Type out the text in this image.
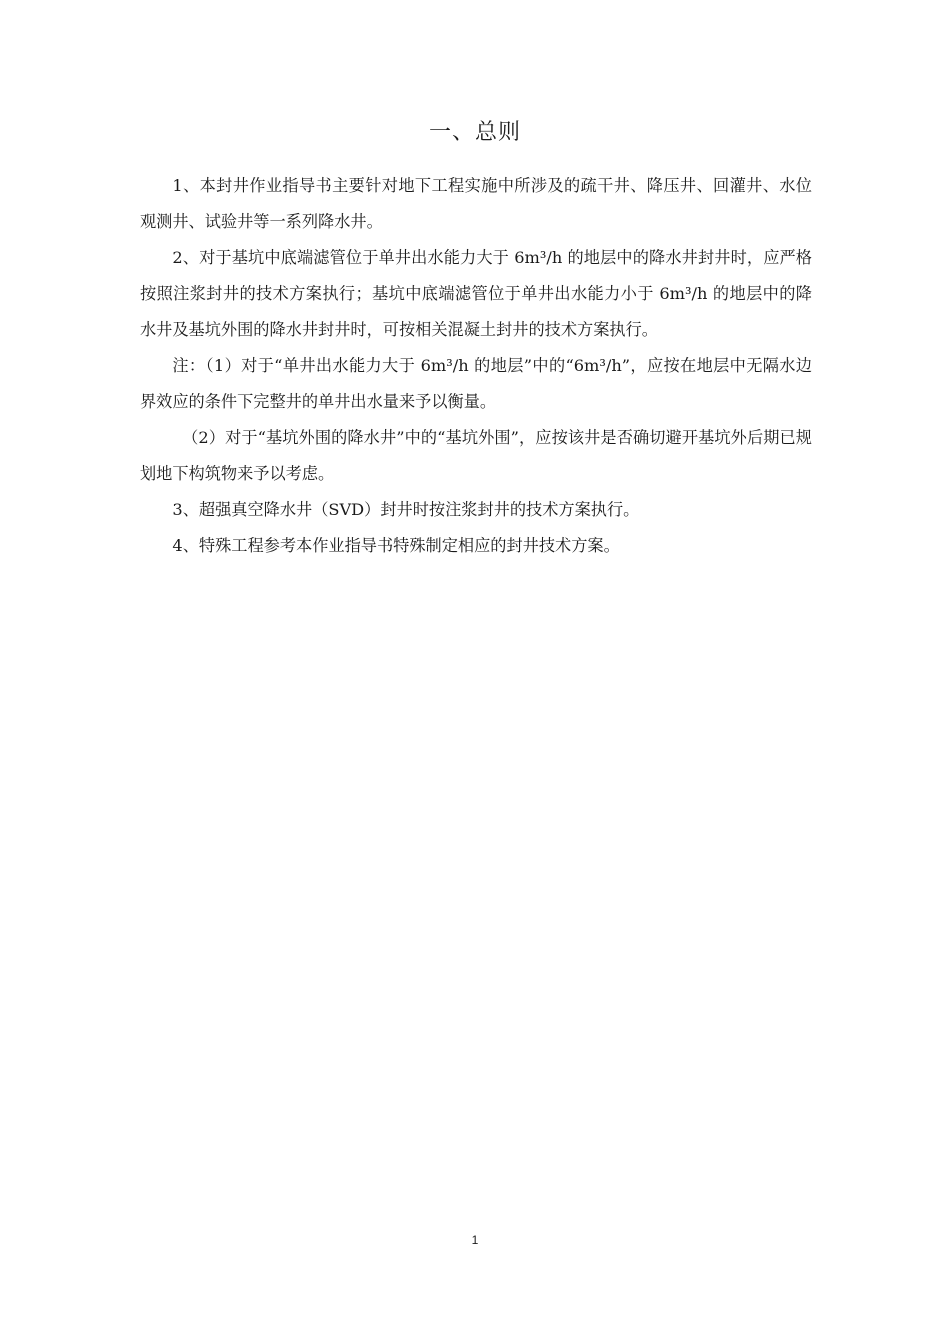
一、总则

1、本封井作业指导书主要针对地下工程实施中所涉及的疏干井、降压井、回灌井、水位观测井、试验井等一系列降水井。

2、对于基坑中底端滤管位于单井出水能力大于 6m³/h 的地层中的降水井封井时，应严格按照注浆封井的技术方案执行；基坑中底端滤管位于单井出水能力小于 6m³/h 的地层中的降水井及基坑外围的降水井封井时，可按相关混凝土封井的技术方案执行。

注：（1）对于“单井出水能力大于 6m³/h 的地层”中的“6m³/h”，应按在地层中无隔水边界效应的条件下完整井的单井出水量来予以衡量。

（2）对于“基坑外围的降水井”中的“基坑外围”，应按该井是否确切避开基坑外后期已规划地下构筑物来予以考虑。

3、超强真空降水井（SVD）封井时按注浆封井的技术方案执行。

4、特殊工程参考本作业指导书特殊制定相应的封井技术方案。

1
